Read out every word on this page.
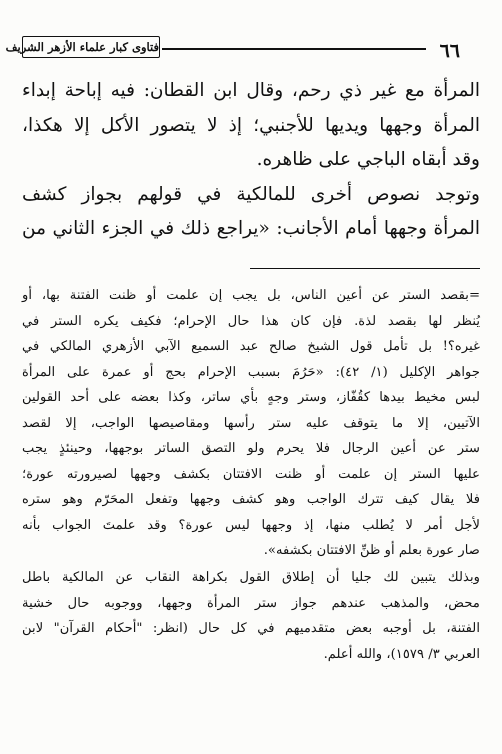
٦٦
فتاوى كبار علماء الأزهر الشريف
المرأة مع غير ذي رحم، وقال ابن القطان: فيه إباحة إبداء
المرأة وجهها ويديها للأجنبي؛ إذ لا يتصور الأكل إلا هكذا،
وقد أبقاه الباجي على ظاهره.
وتوجد نصوص أخرى للمالكية في قولهم بجواز كشف
المرأة وجهها أمام الأجانب: «يراجع ذلك في الجزء الثاني من
=بقصد الستر عن أعين الناس، بل يجب إن علمت أو ظنت الفتنة بها، أو
يُنظر لها بقصد لذة. فإن كان هذا حال الإحرام؛ فكيف يكره الستر في
غيره؟! بل تأمل قول الشيخ صالح عبد السميع الآبي الأزهري المالكي في
جواهر الإكليل (١/ ٤٢): «حَرُمَ بسبب الإحرام بحج أو عمرة على المرأة
لبس مخيط بيدها كقُفّاز، وستر وجهٍ بأي ساتر، وكذا بعضه على أحد القولين
الآتيين، إلا ما يتوقف عليه ستر رأسها ومقاصيصها الواجب، إلا لقصد
ستر عن أعين الرجال فلا يحرم ولو التصق الساتر بوجهها، وحينئذٍ يجب
عليها الستر إن علمت أو ظنت الافتتان بكشف وجهها لصيرورته عورة؛
فلا يقال كيف تترك الواجب وهو كشف وجهها وتفعل المحَرّم وهو ستره
لأجل أمر لا يُطلب منها، إذ وجهها ليس عورة؟ وقد علمتَ الجواب بأنه
صار عورة بعلم أو ظنِّ الافتتان بكشفه».
وبذلك يتبين لك جليا أن إطلاق القول بكراهة النقاب عن المالكية باطل
محض، والمذهب عندهم جواز ستر المرأة وجهها، ووجوبه حال خشية
الفتنة، بل أوجبه بعض متقدميهم في كل حال (انظر: "أحكام القرآن" لابن
العربي ٣/ ١٥٧٩)، والله أعلم.
